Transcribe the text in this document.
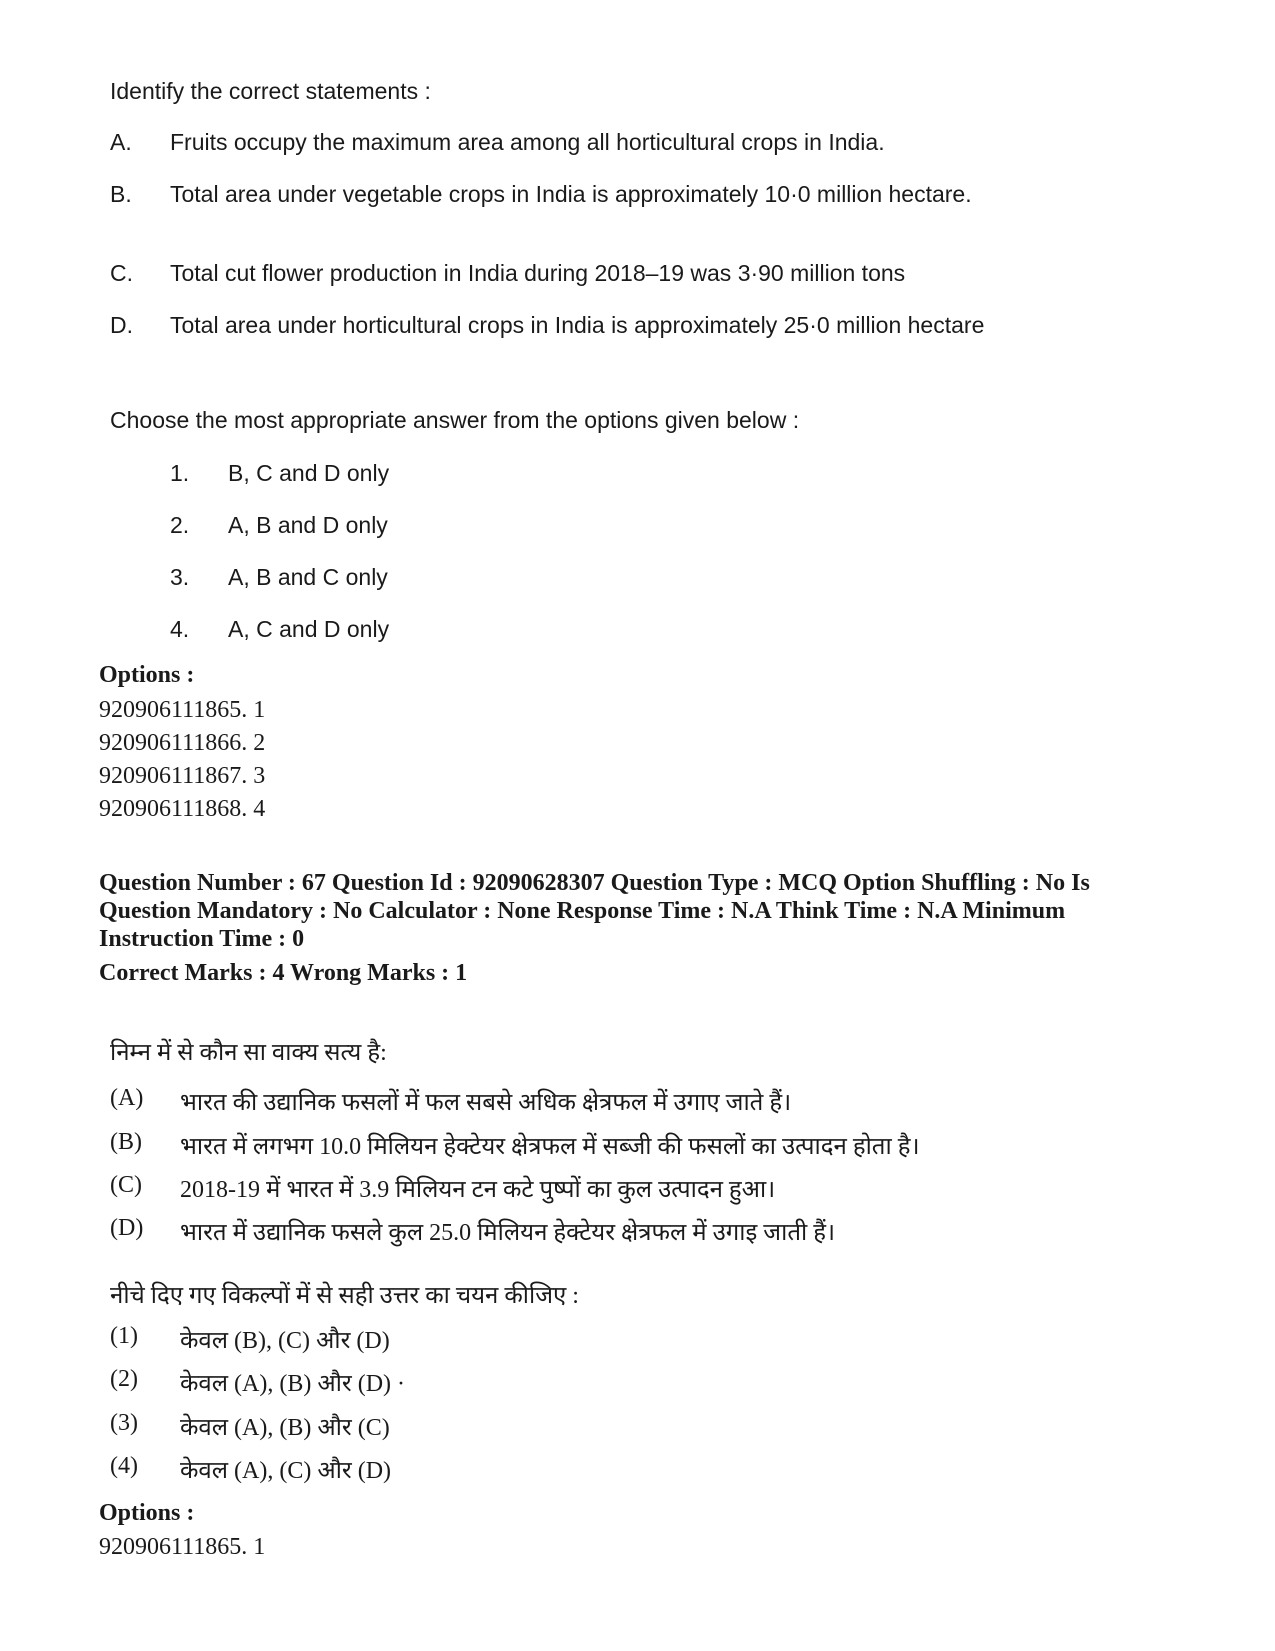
Identify the correct statements :
A. Fruits occupy the maximum area among all horticultural crops in India.
B. Total area under vegetable crops in India is approximately 10·0 million hectare.
C. Total cut flower production in India during 2018–19 was 3·90 million tons
D. Total area under horticultural crops in India is approximately 25·0 million hectare
Choose the most appropriate answer from the options given below :
1. B, C and D only
2. A, B and D only
3. A, B and C only
4. A, C and D only
Options :
920906111865. 1
920906111866. 2
920906111867. 3
920906111868. 4
Question Number : 67 Question Id : 92090628307 Question Type : MCQ Option Shuffling : No Is
Question Mandatory : No Calculator : None Response Time : N.A Think Time : N.A Minimum
Instruction Time : 0
Correct Marks : 4 Wrong Marks : 1
निम्न में से कौन सा वाक्य सत्य है:
(A) भारत की उद्यानिक फसलों में फल सबसे अधिक क्षेत्रफल में उगाए जाते हैं।
(B) भारत में लगभग 10.0 मिलियन हेक्टेयर क्षेत्रफल में सब्जी की फसलों का उत्पादन होता है।
(C) 2018-19 में भारत में 3.9 मिलियन टन कटे पुष्पों का कुल उत्पादन हुआ।
(D) भारत में उद्यानिक फसले कुल 25.0 मिलियन हेक्टेयर क्षेत्रफल में उगाइ जाती हैं।
नीचे दिए गए विकल्पों में से सही उत्तर का चयन कीजिए :
(1) केवल (B), (C) और (D)
(2) केवल (A), (B) और (D) ·
(3) केवल (A), (B) और (C)
(4) केवल (A), (C) और (D)
Options :
920906111865. 1
